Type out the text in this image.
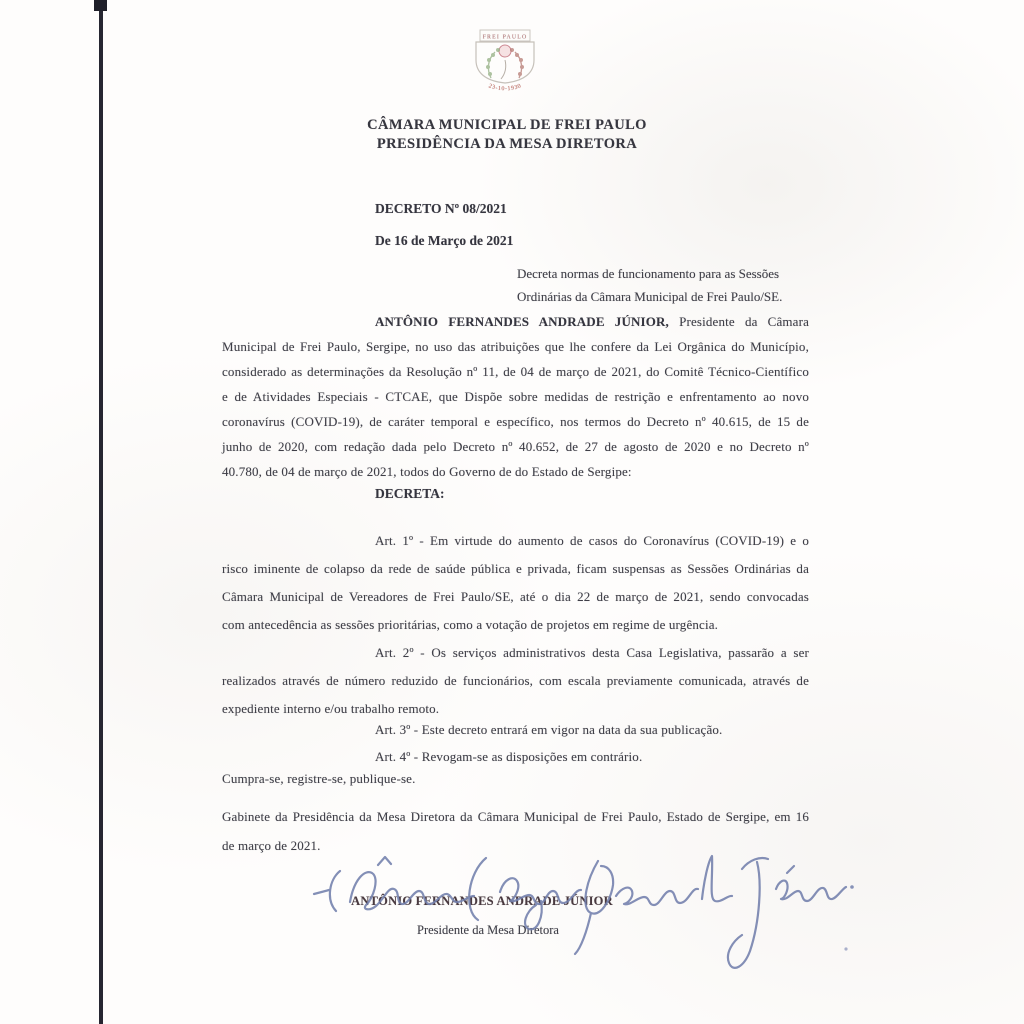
FREI PAULO
23-10-1930
CÂMARA MUNICIPAL DE FREI PAULO
PRESIDÊNCIA DA MESA DIRETORA
DECRETO Nº 08/2021
De 16 de Março de 2021
Decreta normas de funcionamento para as Sessões
Ordinárias da Câmara Municipal de Frei Paulo/SE.
ANTÔNIO FERNANDES ANDRADE JÚNIOR, Presidente da Câmara
Municipal de Frei Paulo, Sergipe, no uso das atribuições que lhe confere da Lei Orgânica do Município,
considerado as determinações da Resolução nº 11, de 04 de março de 2021, do Comitê Técnico-Científico
e de Atividades Especiais - CTCAE, que Dispõe sobre medidas de restrição e enfrentamento ao novo
coronavírus (COVID-19), de caráter temporal e específico, nos termos do Decreto nº 40.615, de 15 de
junho de 2020, com redação dada pelo Decreto nº 40.652, de 27 de agosto de 2020 e no Decreto nº
40.780, de 04 de março de 2021, todos do Governo de do Estado de Sergipe:
DECRETA:
Art. 1º - Em virtude do aumento de casos do Coronavírus (COVID-19) e o
risco iminente de colapso da rede de saúde pública e privada, ficam suspensas as Sessões Ordinárias da
Câmara Municipal de Vereadores de Frei Paulo/SE, até o dia 22 de março de 2021, sendo convocadas
com antecedência as sessões prioritárias, como a votação de projetos em regime de urgência.
Art. 2º - Os serviços administrativos desta Casa Legislativa, passarão a ser
realizados através de número reduzido de funcionários, com escala previamente comunicada, através de
expediente interno e/ou trabalho remoto.
Art. 3º - Este decreto entrará em vigor na data da sua publicação.
Art. 4º - Revogam-se as disposições em contrário.
Cumpra-se, registre-se, publique-se.
Gabinete da Presidência da Mesa Diretora da Câmara Municipal de Frei Paulo, Estado de Sergipe, em 16
de março de 2021.
ANTÔNIO FERNANDES ANDRADE JÚNIOR
Presidente da Mesa Diretora
